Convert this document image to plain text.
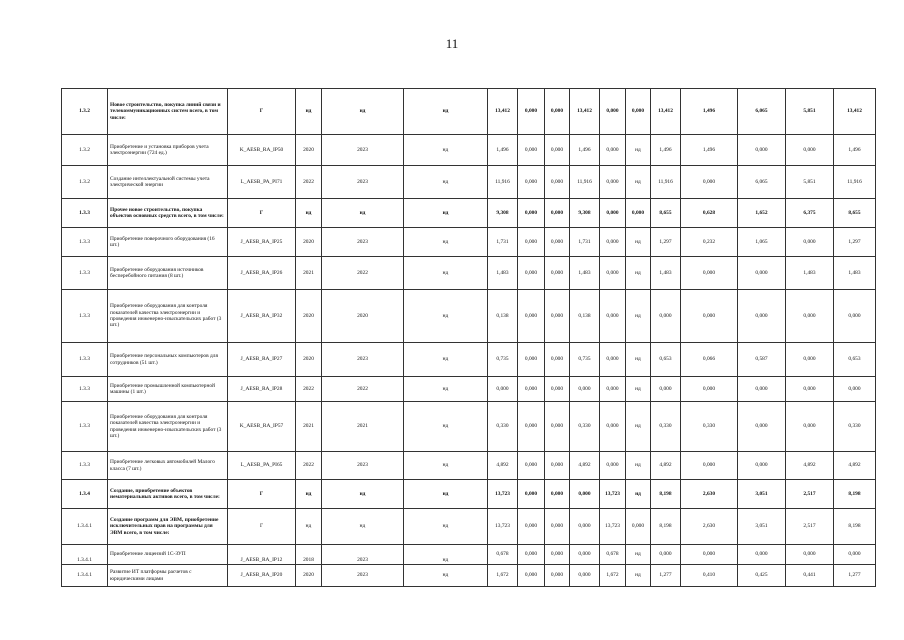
11
1.3.2	Новое строительство, покупка линий связи и телекоммуникационных систем всего, в том числе:	Г	нд	нд	нд	13,412	0,000	0,000	13,412	0,000	0,000	13,412	1,496	6,065	5,851	13,412
1.3.2	Приобретение и установка приборов учета электроэнергии (724 ед.)	K_AESB_RA_IP50	2020	2023	нд	1,496	0,000	0,000	1,496	0,000	нд	1,496	1,496	0,000	0,000	1,496
1.3.2	Создание интеллектуальной системы учета электрической энергии	L_AESB_PA_PI71	2022	2023	нд	11,916	0,000	0,000	11,916	0,000	нд	11,916	0,000	6,065	5,851	11,916
1.3.3	Прочее новое строительство, покупка объектов основных средств всего, в том числе:	Г	нд	нд	нд	9,308	0,000	0,000	9,308	0,000	0,000	8,655	0,628	1,652	6,375	8,655
1.3.3	Приобретение поверочного оборудования (16 шт.)	J_AESB_RA_IP25	2020	2023	нд	1,731	0,000	0,000	1,731	0,000	нд	1,297	0,232	1,065	0,000	1,297
1.3.3	Приобретение оборудования источников бесперебойного питания (8 шт.)	J_AESB_RA_IP26	2021	2022	нд	1,483	0,000	0,000	1,483	0,000	нд	1,483	0,000	0,000	1,483	1,483
1.3.3	Приобретение оборудования для контроля показателей качества электроэнергии и проведения инженерно-изыскательских работ (3 шт.)	J_AESB_RA_IP32	2020	2020	нд	0,138	0,000	0,000	0,138	0,000	нд	0,000	0,000	0,000	0,000	0,000
1.3.3	Приобретение персональных компьютеров для сотрудников (51 шт.)	J_AESB_RA_IP27	2020	2023	нд	0,735	0,000	0,000	0,735	0,000	нд	0,653	0,066	0,587	0,000	0,653
1.3.3	Приобретение промышленной компьютерной машины (1 шт.)	J_AESB_RA_IP28	2022	2022	нд	0,000	0,000	0,000	0,000	0,000	нд	0,000	0,000	0,000	0,000	0,000
1.3.3	Приобретение оборудования для контроля показателей качества электроэнергии и проведения инженерно-изыскательских работ (3 шт.)	K_AESB_RA_IP57	2021	2021	нд	0,330	0,000	0,000	0,330	0,000	нд	0,330	0,330	0,000	0,000	0,330
1.3.3	Приобретение легковых автомобилей Малого класса (7 шт.)	L_AESB_PA_PI65	2022	2023	нд	4,892	0,000	0,000	4,892	0,000	нд	4,892	0,000	0,000	4,892	4,892
1.3.4	Создание, приобретение объектов нематериальных активов всего, в том числе:	Г	нд	нд	нд	13,723	0,000	0,000	0,000	13,723	нд	8,198	2,630	3,051	2,517	8,198
1.3.4.1	Создание программ для ЭВМ, приобретение исключительных прав на программы для ЭВМ всего, в том числе:	Г	нд	нд	нд	13,723	0,000	0,000	0,000	13,723	0,000	8,198	2,630	3,051	2,517	8,198
1.3.4.1	Приобретение лицензий 1С-ЗУП	J_AESB_RA_IP12	2018	2023	нд	0,678	0,000	0,000	0,000	0,678	нд	0,000	0,000	0,000	0,000	0,000
1.3.4.1	Развитие ИТ платформы расчетов с юридическими лицами	J_AESB_RA_IP20	2020	2023	нд	1,672	0,000	0,000	0,000	1,672	нд	1,277	0,410	0,425	0,441	1,277
